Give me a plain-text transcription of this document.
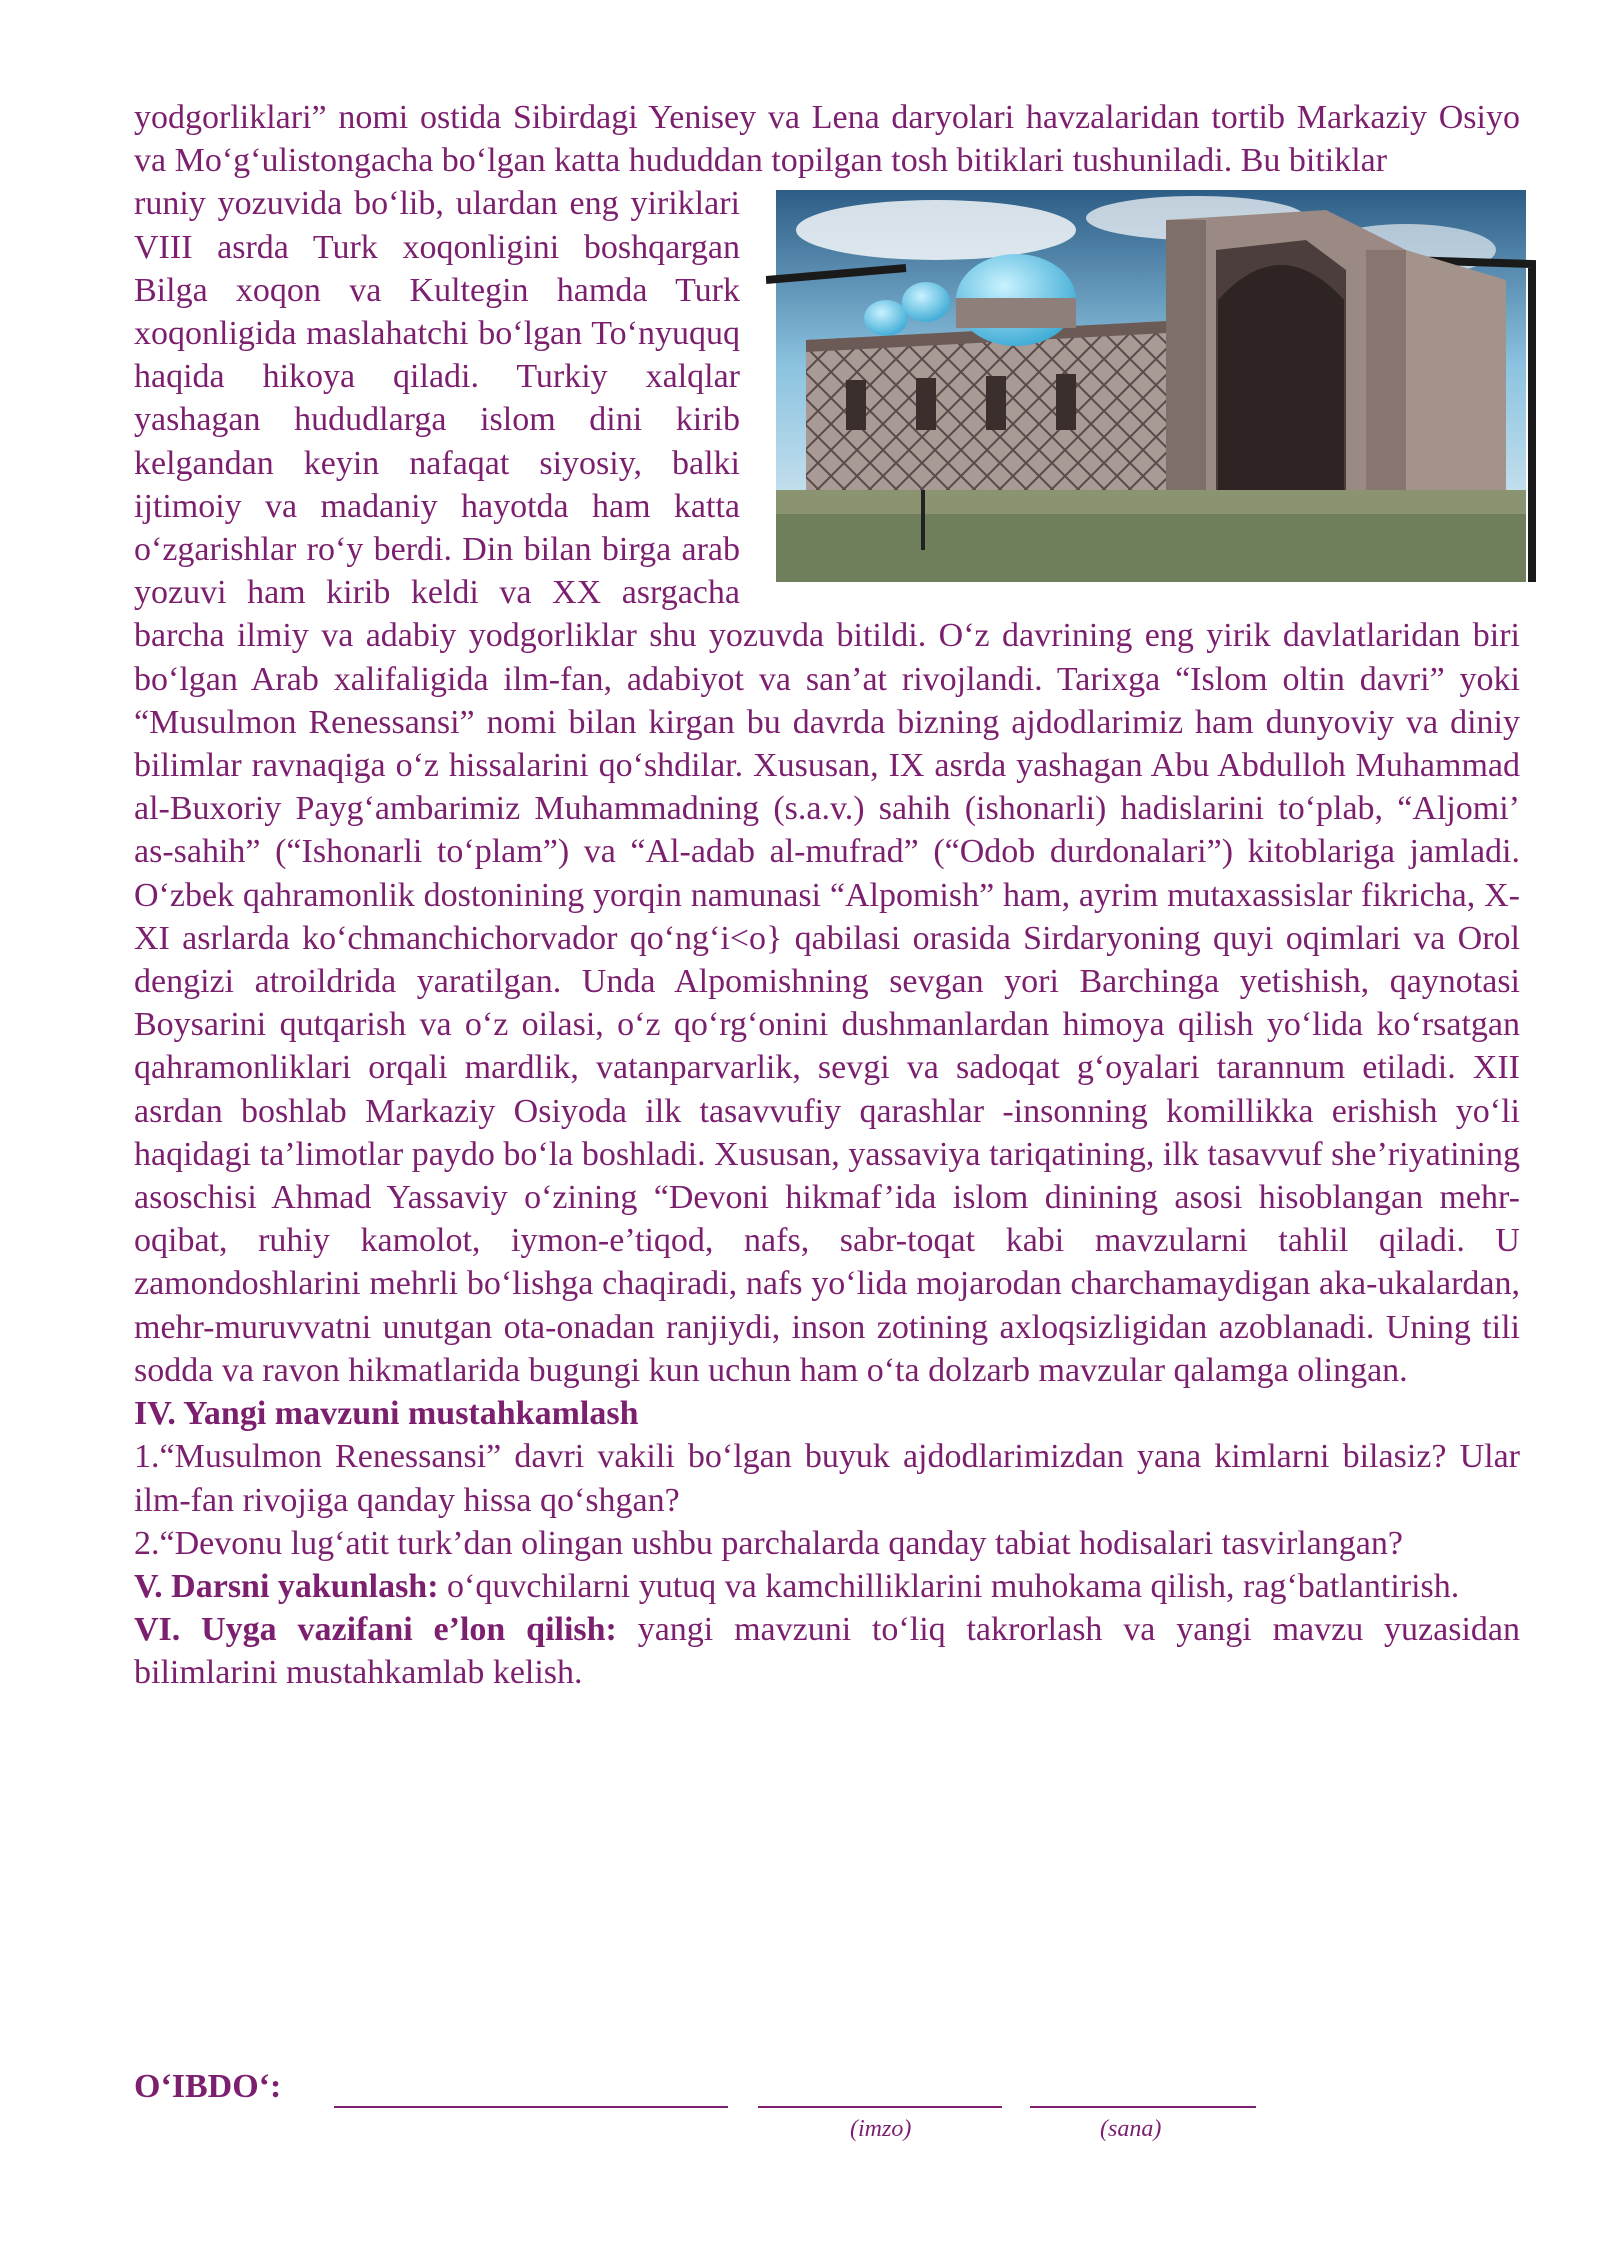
yodgorliklari” nomi ostida Sibirdagi Yenisey va Lena daryolari havzalaridan tortib Markaziy Osiyo va Mo‘g‘ulistongacha bo‘lgan katta hududdan topilgan tosh bitiklari tushuniladi. Bu bitiklar

runiy yozuvida bo‘lib, ulardan eng yiriklari VIII asrda Turk xoqonligini boshqargan Bilga xoqon va Kultegin hamda Turk xoqonligida maslahatchi bo‘lgan To‘nyuquq haqida hikoya qiladi. Turkiy xalqlar yashagan hududlarga islom dini kirib kelgandan keyin nafaqat siyosiy, balki ijtimoiy va madaniy hayotda ham katta o‘zgarishlar ro‘y berdi. Din bilan birga arab yozuvi ham kirib keldi va XX asrgacha barcha ilmiy va adabiy yodgorliklar shu yozuvda bitildi. O‘z davrining eng yirik davlatlaridan biri bo‘lgan Arab xalifaligida ilm-fan, adabiyot va san’at rivojlandi. Tarixga “Islom oltin davri” yoki “Musulmon Renessansi” nomi bilan kirgan bu davrda bizning ajdodlarimiz ham dunyoviy va diniy bilimlar ravnaqiga o‘z hissalarini qo‘shdilar. Xususan, IX asrda yashagan Abu Abdulloh Muhammad al-Buxoriy Payg‘ambarimiz Muhammadning (s.a.v.) sahih (ishonarli) hadislarini to‘plab, “Aljomi’ as-sahih” (“Ishonarli to‘plam”) va “Al-adab al-mufrad” (“Odob durdonalari”) kitoblariga jamladi. O‘zbek qahramonlik dostonining yorqin namunasi “Alpomish” ham, ayrim mutaxassislar fikricha, X-XI asrlarda ko‘chmanchichorvador qo‘ng‘i<o} qabilasi orasida Sirdaryoning quyi oqimlari va Orol dengizi atroildrida yaratilgan. Unda Alpomishning sevgan yori Barchinga yetishish, qaynotasi Boysarini qutqarish va o‘z oilasi, o‘z qo‘rg‘onini dushmanlardan himoya qilish yo‘lida ko‘rsatgan qahramonliklari orqali mardlik, vatanparvarlik, sevgi va sadoqat g‘oyalari tarannum etiladi. XII asrdan boshlab Markaziy Osiyoda ilk tasavvufiy qarashlar -insonning komillikka erishish yo‘li haqidagi ta’limotlar paydo bo‘la boshladi. Xususan, yassaviya tariqatining, ilk tasavvuf she’riyatining asoschisi Ahmad Yassaviy o‘zining “Devoni hikmaf’ida islom dinining asosi hisoblangan mehr-oqibat, ruhiy kamolot, iymon-e’tiqod, nafs, sabr-toqat kabi mavzularni tahlil qiladi. U zamondoshlarini mehrli bo‘lishga chaqiradi, nafs yo‘lida mojarodan charchamaydigan aka-ukalardan, mehr-muruvvatni unutgan ota-onadan ranjiydi, inson zotining axloqsizligidan azoblanadi. Uning tili sodda va ravon hikmatlarida bugungi kun uchun ham o‘ta dolzarb mavzular qalamga olingan.

IV. Yangi mavzuni mustahkamlash

1.“Musulmon Renessansi” davri vakili bo‘lgan buyuk ajdodlarimizdan yana kimlarni bilasiz? Ular ilm-fan rivojiga qanday hissa qo‘shgan?

2.“Devonu lug‘atit turk’dan olingan ushbu parchalarda qanday tabiat hodisalari tasvirlangan?

V. Darsni yakunlash: o‘quvchilarni yutuq va kamchilliklarini muhokama qilish, rag‘batlantirish.

VI. Uyga vazifani e’lon qilish: yangi mavzuni to‘liq takrorlash va yangi mavzu yuzasidan bilimlarini mustahkamlab kelish.

O‘IBDO‘:
(imzo)	(sana)
